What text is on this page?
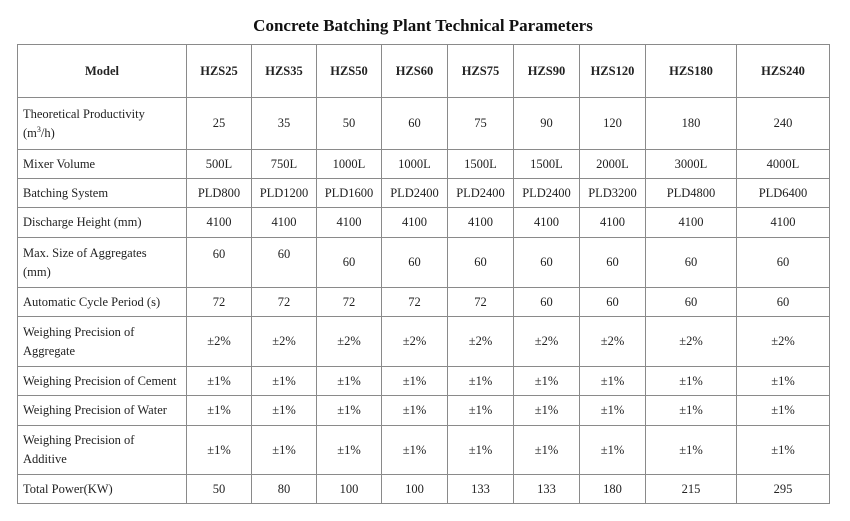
Concrete Batching Plant Technical Parameters
Model	HZS25	HZS35	HZS50	HZS60	HZS75	HZS90	HZS120	HZS180	HZS240
Theoretical Productivity
$(m^3/h)$	25	35	50	60	75	90	120	180	240
Mixer Volume	500L	750L	1000L	1000L	1500L	1500L	2000L	3000L	4000L
Batching System	PLD800	PLD1200	PLD1600	PLD2400	PLD2400	PLD2400	PLD3200	PLD4800	PLD6400
Discharge Height (mm)	4100	4100	4100	4100	4100	4100	4100	4100	4100
Max. Size of Aggregates
(mm)	60	60	60	60	60	60	60	60	60
Automatic Cycle Period (s)	72	72	72	72	72	60	60	60	60
Weighing Precision of
Aggregate	±2%	±2%	±2%	±2%	±2%	±2%	±2%	±2%	±2%
Weighing Precision of Cement	±1%	±1%	±1%	±1%	±1%	±1%	±1%	±1%	±1%
Weighing Precision of Water	±1%	±1%	±1%	±1%	±1%	±1%	±1%	±1%	±1%
Weighing Precision of
Additive	±1%	±1%	±1%	±1%	±1%	±1%	±1%	±1%	±1%
Total Power(KW)	50	80	100	100	133	133	180	215	295
